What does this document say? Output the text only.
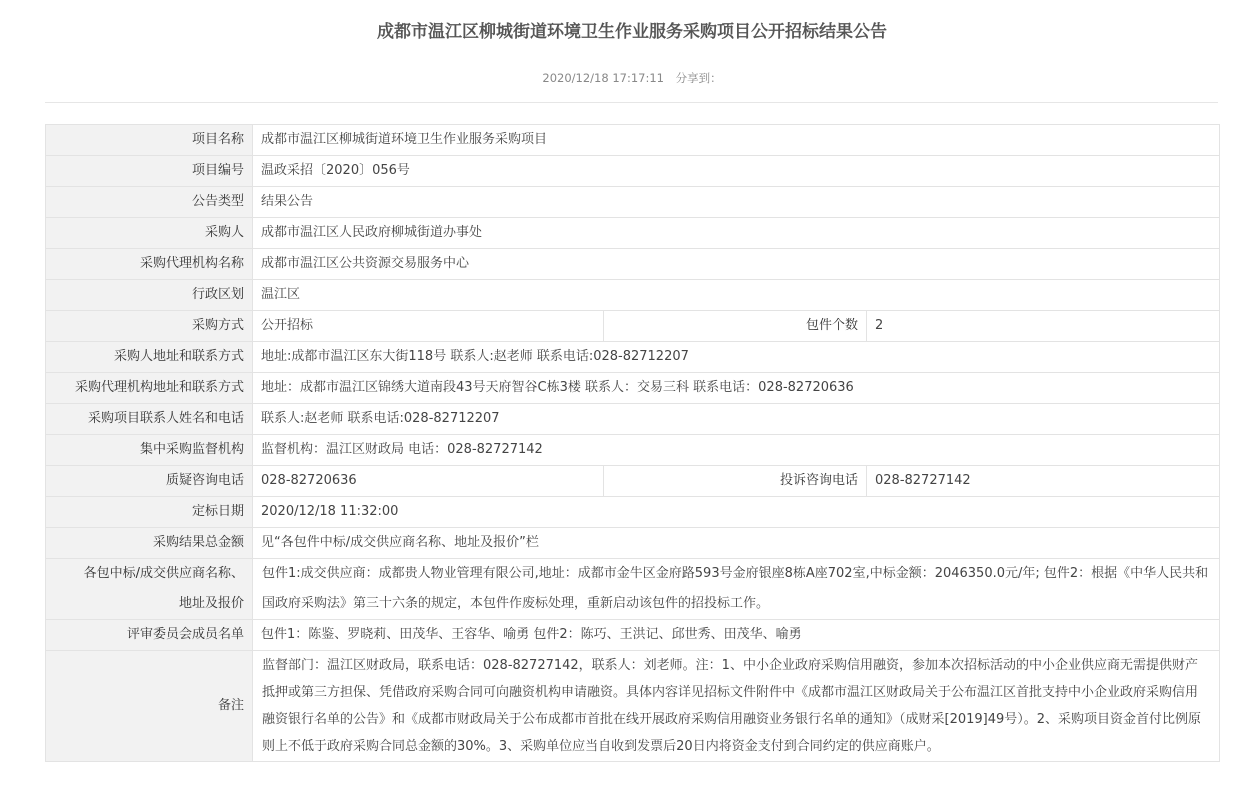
成都市温江区柳城街道环境卫生作业服务采购项目公开招标结果公告
2020/12/18 17:17:11 分享到：
项目名称	成都市温江区柳城街道环境卫生作业服务采购项目		
项目编号	温政采招〔2020〕056号		
公告类型	结果公告		
采购人	成都市温江区人民政府柳城街道办事处		
采购代理机构名称	成都市温江区公共资源交易服务中心		
行政区划	温江区		
采购方式	公开招标	包件个数	2
采购人地址和联系方式	地址:成都市温江区东大街118号 联系人:赵老师 联系电话:028-82712207		
采购代理机构地址和联系方式	地址：成都市温江区锦绣大道南段43号天府智谷C栋3楼 联系人：交易三科 联系电话：028-82720636		
采购项目联系人姓名和电话	联系人:赵老师 联系电话:028-82712207		
集中采购监督机构	监督机构：温江区财政局 电话：028-82727142		
质疑咨询电话	028-82720636	投诉咨询电话	028-82727142
定标日期	2020/12/18 11:32:00		
采购结果总金额	见“各包件中标/成交供应商名称、地址及报价”栏		
各包中标/成交供应商名称、
地址及报价	包件1:成交供应商：成都贵人物业管理有限公司,地址：成都市金牛区金府路593号金府银座8栋A座702室,中标金额：2046350.0元/年; 包件2：根据《中华人民共和国政府采购法》第三十六条的规定，本包件作废标处理，重新启动该包件的招投标工作。		
评审委员会成员名单	包件1：陈鉴、罗晓莉、田茂华、王容华、喻勇 包件2：陈巧、王洪记、邱世秀、田茂华、喻勇		
备注	监督部门：温江区财政局，联系电话：028-82727142，联系人：刘老师。注：1、中小企业政府采购信用融资，参加本次招标活动的中小企业供应商无需提供财产抵押或第三方担保、凭借政府采购合同可向融资机构申请融资。具体内容详见招标文件附件中《成都市温江区财政局关于公布温江区首批支持中小企业政府采购信用融资银行名单的公告》和《成都市财政局关于公布成都市首批在线开展政府采购信用融资业务银行名单的通知》（成财采[2019]49号）。2、采购项目资金首付比例原则上不低于政府采购合同总金额的30%。3、采购单位应当自收到发票后20日内将资金支付到合同约定的供应商账户。		
